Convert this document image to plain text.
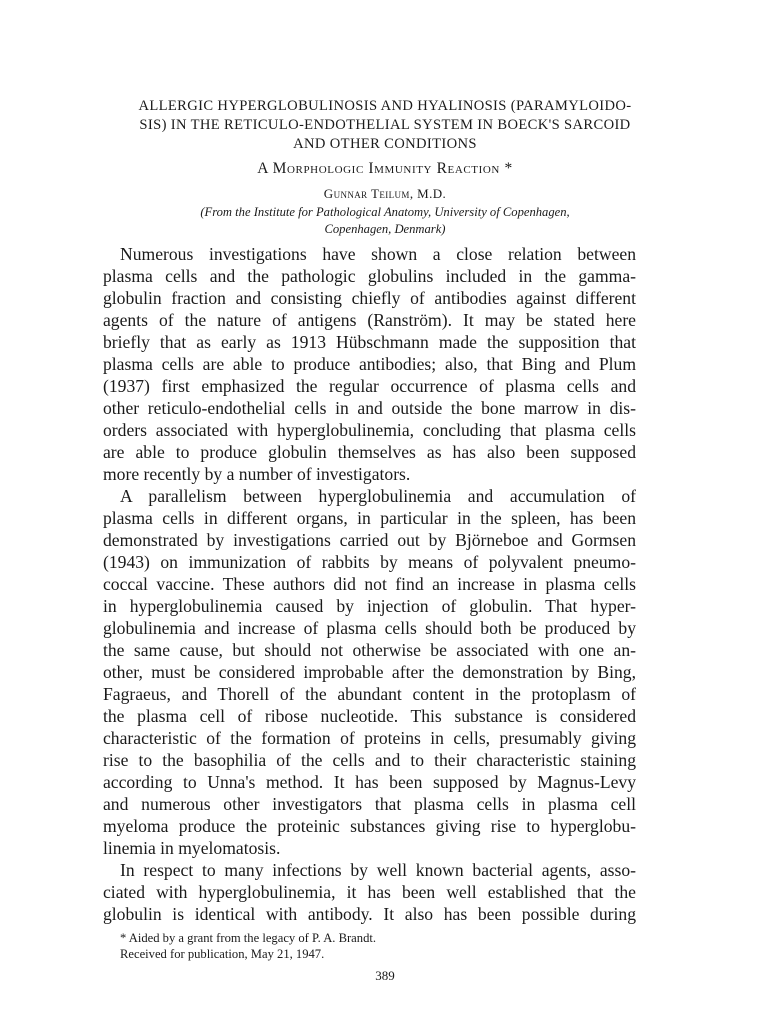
ALLERGIC HYPERGLOBULINOSIS AND HYALINOSIS (PARAMYLOIDO-
SIS) IN THE RETICULO-ENDOTHELIAL SYSTEM IN BOECK'S SARCOID
AND OTHER CONDITIONS
A Morphologic Immunity Reaction *
Gunnar Teilum, M.D.
(From the Institute for Pathological Anatomy, University of Copenhagen,
Copenhagen, Denmark)
Numerous investigations have shown a close relation between
plasma cells and the pathologic globulins included in the gamma-
globulin fraction and consisting chiefly of antibodies against different
agents of the nature of antigens (Ranström). It may be stated here
briefly that as early as 1913 Hübschmann made the supposition that
plasma cells are able to produce antibodies; also, that Bing and Plum
(1937) first emphasized the regular occurrence of plasma cells and
other reticulo-endothelial cells in and outside the bone marrow in dis-
orders associated with hyperglobulinemia, concluding that plasma cells
are able to produce globulin themselves as has also been supposed
more recently by a number of investigators.
A parallelism between hyperglobulinemia and accumulation of
plasma cells in different organs, in particular in the spleen, has been
demonstrated by investigations carried out by Björneboe and Gormsen
(1943) on immunization of rabbits by means of polyvalent pneumo-
coccal vaccine. These authors did not find an increase in plasma cells
in hyperglobulinemia caused by injection of globulin. That hyper-
globulinemia and increase of plasma cells should both be produced by
the same cause, but should not otherwise be associated with one an-
other, must be considered improbable after the demonstration by Bing,
Fagraeus, and Thorell of the abundant content in the protoplasm of
the plasma cell of ribose nucleotide. This substance is considered
characteristic of the formation of proteins in cells, presumably giving
rise to the basophilia of the cells and to their characteristic staining
according to Unna's method. It has been supposed by Magnus-Levy
and numerous other investigators that plasma cells in plasma cell
myeloma produce the proteinic substances giving rise to hyperglobu-
linemia in myelomatosis.
In respect to many infections by well known bacterial agents, asso-
ciated with hyperglobulinemia, it has been well established that the
globulin is identical with antibody. It also has been possible during
* Aided by a grant from the legacy of P. A. Brandt.
Received for publication, May 21, 1947.
389
